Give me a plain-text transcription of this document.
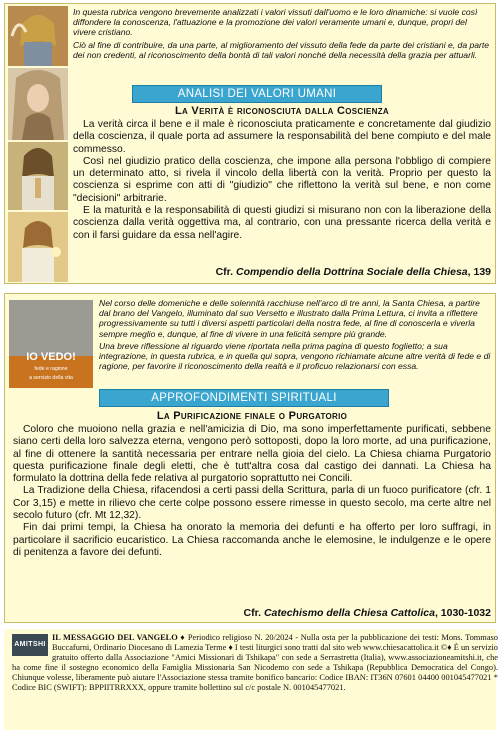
In questa rubrica vengono brevemente analizzati i valori vissuti dall'uomo e le loro dinamiche: si vuole così diffondere la conoscenza, l'attuazione e la promozione dei valori veramente umani e, dunque, propri del vivere cristiano.

Ciò al fine di contribuire, da una parte, al miglioramento del vissuto della fede da parte dei cristiani e, da parte dei non credenti, al riconoscimento della bontà di tali valori nonché della necessità della grazia per attuarli.

ANALISI DEI VALORI UMANI
La Verità è riconosciuta dalla Coscienza

La verità circa il bene e il male è riconosciuta praticamente e concretamente dal giudizio della coscienza, il quale porta ad assumere la responsabilità del bene compiuto e del male commesso.

Così nel giudizio pratico della coscienza, che impone alla persona l'obbligo di compiere un determinato atto, si rivela il vincolo della libertà con la verità. Proprio per questo la coscienza si esprime con atti di "giudizio" che riflettono la verità sul bene, e non come "decisioni" arbitrarie.

E la maturità e la responsabilità di questi giudizi si misurano non con la liberazione della coscienza dalla verità oggettiva ma, al contrario, con una pressante ricerca della verità e con il farsi guidare da essa nell'agire.

Cfr. Compendio della Dottrina Sociale della Chiesa, 139
IO VEDO!
fede e ragione
a servizio della vita

Nel corso delle domeniche e delle solennità racchiuse nell'arco di tre anni, la Santa Chiesa, a partire dal brano del Vangelo, illuminato dal suo Versetto e illustrato dalla Prima Lettura, ci invita a riflettere progressivamente su tutti i diversi aspetti particolari della nostra fede, al fine di conoscerla e viverla sempre meglio e, dunque, al fine di vivere in una felicità sempre più grande.

Una breve riflessione al riguardo viene riportata nella prima pagina di questo foglietto; a sua integrazione, in questa rubrica, e in quella qui sopra, vengono richiamate alcune altre verità di fede e di ragione, per favorire il riconoscimento della realtà e il proficuo relazionarsi con essa.

APPROFONDIMENTI SPIRITUALI
La Purificazione finale o Purgatorio

Coloro che muoiono nella grazia e nell'amicizia di Dio, ma sono imperfettamente purificati, sebbene siano certi della loro salvezza eterna, vengono però sottoposti, dopo la loro morte, ad una purificazione, al fine di ottenere la santità necessaria per entrare nella gioia del cielo. La Chiesa chiama Purgatorio questa purificazione finale degli eletti, che è tutt'altra cosa dal castigo dei dannati. La Chiesa ha formulato la dottrina della fede relativa al purgatorio soprattutto nei Concili.

La Tradizione della Chiesa, rifacendosi a certi passi della Scrittura, parla di un fuoco purificatore (cfr. 1 Cor 3,15) e mette in rilievo che certe colpe possono essere rimesse in questo secolo, ma certe altre nel secolo futuro (cfr. Mt 12,32).

Fin dai primi tempi, la Chiesa ha onorato la memoria dei defunti e ha offerto per loro suffragi, in particolare il sacrificio eucaristico. La Chiesa raccomanda anche le elemosine, le indulgenze e le opere di penitenza a favore dei defunti.

Cfr. Catechismo della Chiesa Cattolica, 1030-1032
AMITSHI
IL MESSAGGIO DEL VANGELO ♦ Periodico religioso N. 20/2024 - Nulla osta per la pubblicazione dei testi: Mons. Tommaso Buccafurni, Ordinario Diocesano di Lamezia Terme ♦ I testi liturgici sono tratti dal sito web www.chiesacattolica.it ©♦ È un servizio gratuito offerto dalla Associazione "Amici Missionari di Tshikapa" con sede a Serrastretta (Italia), www.associazioneamitshi.it, che ha come fine il sostegno economico della Famiglia Missionaria San Nicodemo con sede a Tshikapa (Repubblica Democratica del Congo). Chiunque volesse, liberamente può aiutare l'Associazione stessa tramite bonifico bancario: Codice IBAN: IT36N 07601 04400 001045477021 * Codice BIC (SWIFT): BPPIITRRXXX, oppure tramite bollettino sul c/c postale N. 001045477021.
